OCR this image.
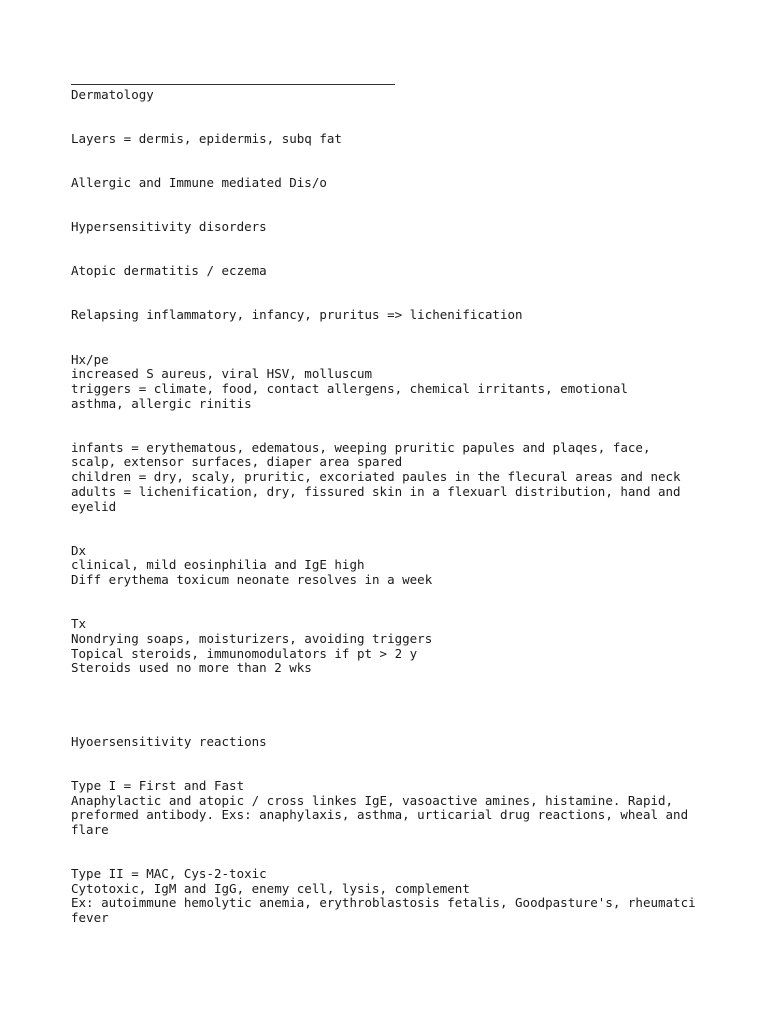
Dermatology
Layers = dermis, epidermis, subq fat
Allergic and Immune mediated Dis/o
Hypersensitivity disorders
Atopic dermatitis / eczema
Relapsing inflammatory, infancy, pruritus => lichenification
Hx/pe
increased S aureus, viral HSV, molluscum
triggers = climate, food, contact allergens, chemical irritants, emotional
asthma, allergic rinitis
infants = erythematous, edematous, weeping pruritic papules and plaqes, face,
scalp, extensor surfaces, diaper area spared
children = dry, scaly, pruritic, excoriated paules in the flecural areas and neck
adults = lichenification, dry, fissured skin in a flexuarl distribution, hand and
eyelid
Dx
clinical, mild eosinphilia and IgE high
Diff erythema toxicum neonate resolves in a week
Tx
Nondrying soaps, moisturizers, avoiding triggers
Topical steroids, immunomodulators if pt > 2 y
Steroids used no more than 2 wks
Hyoersensitivity reactions
Type I = First and Fast
Anaphylactic and atopic / cross linkes IgE, vasoactive amines, histamine. Rapid,
preformed antibody. Exs: anaphylaxis, asthma, urticarial drug reactions, wheal and
flare
Type II = MAC, Cys-2-toxic
Cytotoxic, IgM and IgG, enemy cell, lysis, complement
Ex: autoimmune hemolytic anemia, erythroblastosis fetalis, Goodpasture's, rheumatci
fever
